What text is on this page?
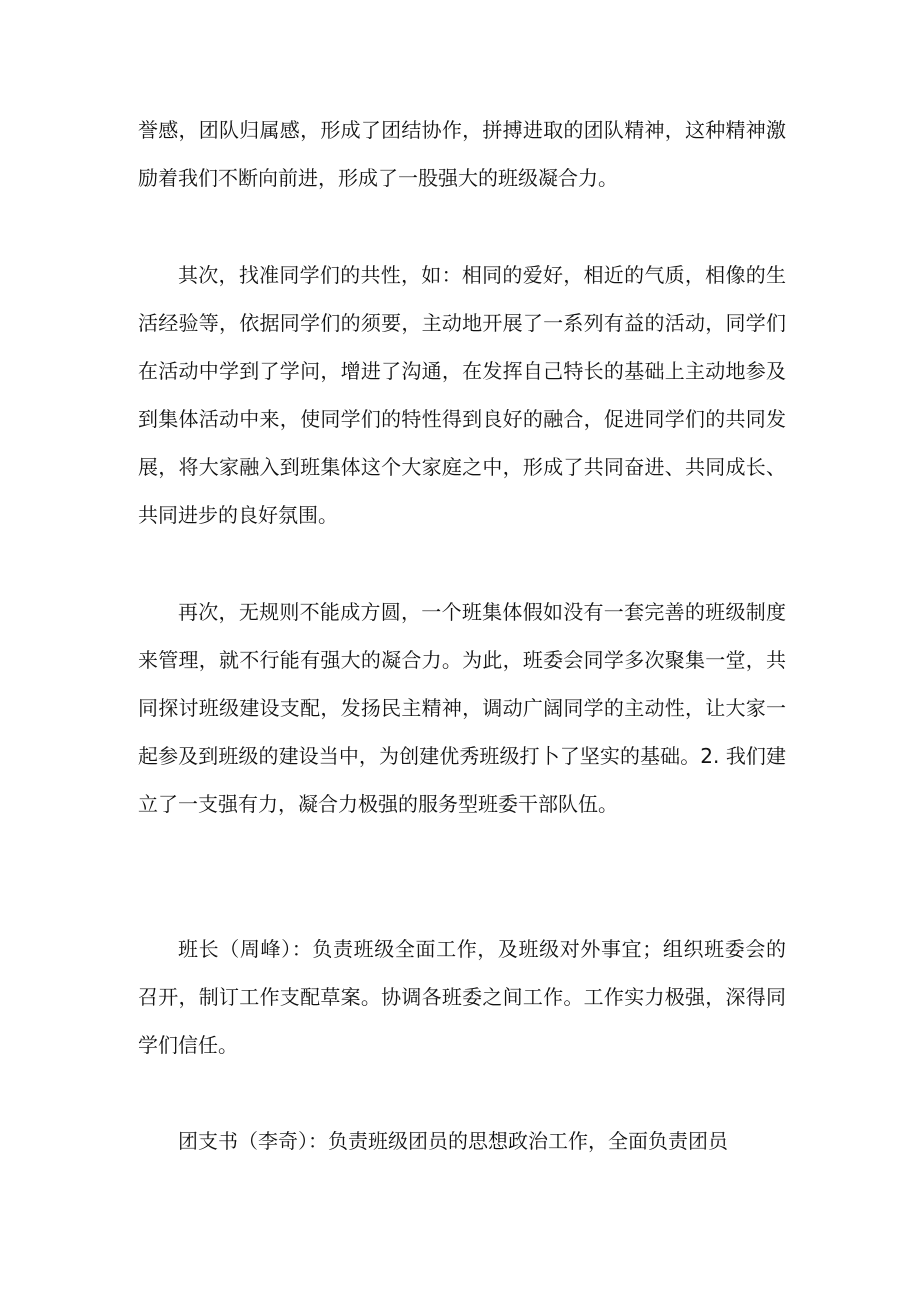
誉感，团队归属感，形成了团结协作，拼搏进取的团队精神，这种精神激励着我们不断向前进，形成了一股强大的班级凝合力。

其次，找准同学们的共性，如：相同的爱好，相近的气质，相像的生活经验等，依据同学们的须要，主动地开展了一系列有益的活动，同学们在活动中学到了学问，增进了沟通，在发挥自己特长的基础上主动地参及到集体活动中来，使同学们的特性得到良好的融合，促进同学们的共同发展，将大家融入到班集体这个大家庭之中，形成了共同奋进、共同成长、共同进步的良好氛围。

再次，无规则不能成方圆，一个班集体假如没有一套完善的班级制度来管理，就不行能有强大的凝合力。为此，班委会同学多次聚集一堂，共同探讨班级建设支配，发扬民主精神，调动广阔同学的主动性，让大家一起参及到班级的建设当中，为创建优秀班级打卜了坚实的基础。2. 我们建立了一支强有力，凝合力极强的服务型班委干部队伍。

班长（周峰）：负责班级全面工作，及班级对外事宜；组织班委会的召开，制订工作支配草案。协调各班委之间工作。工作实力极强，深得同学们信任。

团支书（李奇）：负责班级团员的思想政治工作，全面负责团员
